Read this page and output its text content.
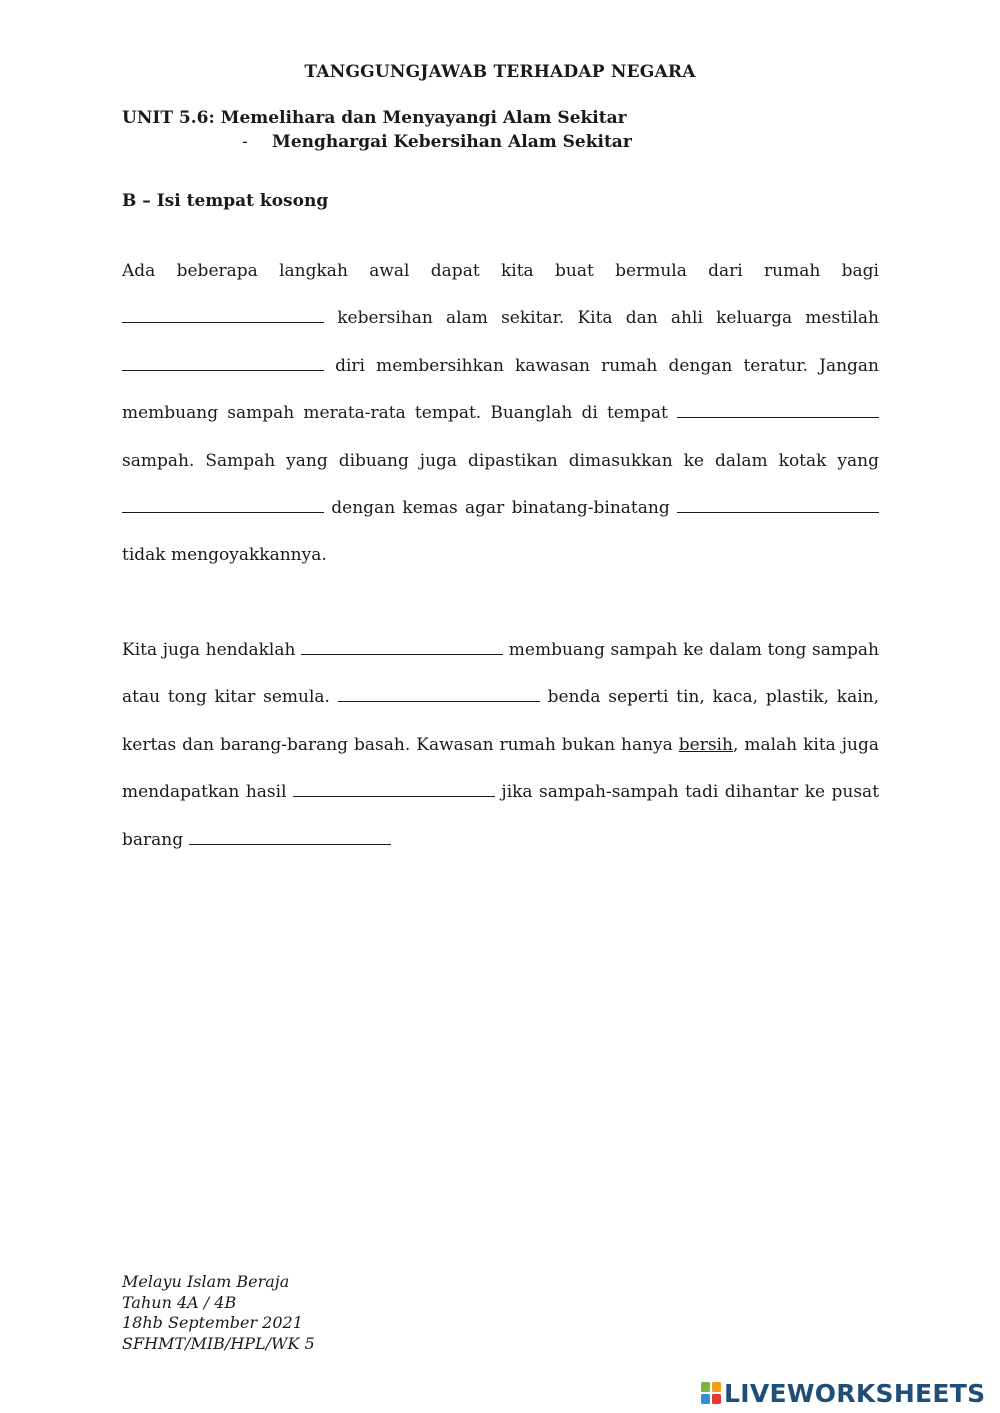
TANGGUNGJAWAB TERHADAP NEGARA
UNIT 5.6: Memelihara dan Menyayangi Alam Sekitar
- Menghargai Kebersihan Alam Sekitar
B – Isi tempat kosong

Ada beberapa langkah awal dapat kita buat bermula dari rumah bagi  kebersihan alam sekitar. Kita dan ahli keluarga mestilah  diri membersihkan kawasan rumah dengan teratur. Jangan membuang sampah merata-rata tempat. Buanglah di tempat  sampah. Sampah yang dibuang juga dipastikan dimasukkan ke dalam kotak yang  dengan kemas agar binatang-binatang  tidak mengoyakkannya.

Kita juga hendaklah	membuang sampah ke dalam tong sampah atau tong kitar semula.	benda seperti tin, kaca, plastik, kain, kertas dan barang-barang basah. Kawasan rumah bukan hanya bersih, malah kita juga mendapatkan hasil	jika sampah-sampah tadi dihantar ke pusat barang

Melayu Islam Beraja
Tahun 4A / 4B
18hb September 2021
SFHMT/MIB/HPL/WK 5
LIVEWORKSHEETS
